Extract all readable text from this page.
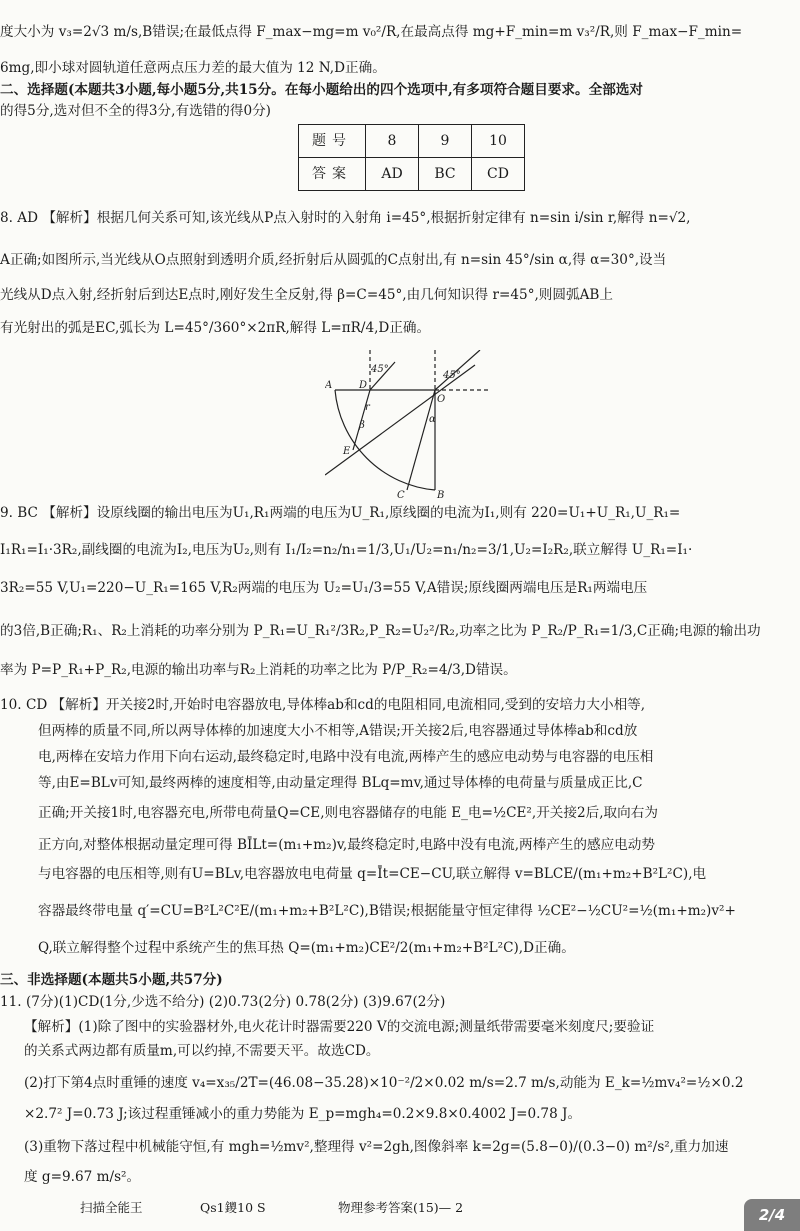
度大小为 v₃=2√3 m/s,B错误;在最低点得 F_max−mg=m v₀²/R,在最高点得 mg+F_min=m v₃²/R,则 F_max−F_min=
6mg,即小球对圆轨道任意两点压力差的最大值为 12 N,D正确。
二、选择题(本题共3小题,每小题5分,共15分。在每小题给出的四个选项中,有多项符合题目要求。全部选对
的得5分,选对但不全的得3分,有选错的得0分)
8. AD 【解析】根据几何关系可知,该光线从P点入射时的入射角 i=45°,根据折射定律有 n=sin i/sin r,解得 n=√2,
A正确;如图所示,当光线从O点照射到透明介质,经折射后从圆弧的C点射出,有 n=sin 45°/sin α,得 α=30°,设当
光线从D点入射,经折射后到达E点时,刚好发生全反射,得 β=C=45°,由几何知识得 r=45°,则圆弧AB上
有光射出的弧是EC,弧长为 L=45°/360°×2πR,解得 L=πR/4,D正确。
9. BC 【解析】设原线圈的输出电压为U₁,R₁两端的电压为U_R₁,原线圈的电流为I₁,则有 220=U₁+U_R₁,U_R₁=
I₁R₁=I₁·3R₂,副线圈的电流为I₂,电压为U₂,则有 I₁/I₂=n₂/n₁=1/3,U₁/U₂=n₁/n₂=3/1,U₂=I₂R₂,联立解得 U_R₁=I₁·
3R₂=55 V,U₁=220−U_R₁=165 V,R₂两端的电压为 U₂=U₁/3=55 V,A错误;原线圈两端电压是R₁两端电压
的3倍,B正确;R₁、R₂上消耗的功率分别为 P_R₁=U_R₁²/3R₂,P_R₂=U₂²/R₂,功率之比为 P_R₂/P_R₁=1/3,C正确;电源的输出功
率为 P=P_R₁+P_R₂,电源的输出功率与R₂上消耗的功率之比为 P/P_R₂=4/3,D错误。
10. CD 【解析】开关接2时,开始时电容器放电,导体棒ab和cd的电阻相同,电流相同,受到的安培力大小相等,
但两棒的质量不同,所以两导体棒的加速度大小不相等,A错误;开关接2后,电容器通过导体棒ab和cd放
电,两棒在安培力作用下向右运动,最终稳定时,电路中没有电流,两棒产生的感应电动势与电容器的电压相
等,由E=BLv可知,最终两棒的速度相等,由动量定理得 BLq=mv,通过导体棒的电荷量与质量成正比,C
正确;开关接1时,电容器充电,所带电荷量Q=CE,则电容器储存的电能 E_电=½CE²,开关接2后,取向右为
正方向,对整体根据动量定理可得 BĪLt=(m₁+m₂)v,最终稳定时,电路中没有电流,两棒产生的感应电动势
与电容器的电压相等,则有U=BLv,电容器放电电荷量 q=Īt=CE−CU,联立解得 v=BLCE/(m₁+m₂+B²L²C),电
容器最终带电量 q′=CU=B²L²C²E/(m₁+m₂+B²L²C),B错误;根据能量守恒定律得 ½CE²−½CU²=½(m₁+m₂)v²+
Q,联立解得整个过程中系统产生的焦耳热 Q=(m₁+m₂)CE²/2(m₁+m₂+B²L²C),D正确。
三、非选择题(本题共5小题,共57分)
11. (7分)(1)CD(1分,少选不给分) (2)0.73(2分) 0.78(2分) (3)9.67(2分)
【解析】(1)除了图中的实验器材外,电火花计时器需要220 V的交流电源;测量纸带需要毫米刻度尺;要验证
的关系式两边都有质量m,可以约掉,不需要天平。故选CD。
(2)打下第4点时重锤的速度 v₄=x₃₅/2T=(46.08−35.28)×10⁻²/2×0.02 m/s=2.7 m/s,动能为 E_k=½mv₄²=½×0.2
×2.7² J=0.73 J;该过程重锤减小的重力势能为 E_p=mgh₄=0.2×9.8×0.4002 J=0.78 J。
(3)重物下落过程中机械能守恒,有 mgh=½mv²,整理得 v²=2gh,图像斜率 k=2g=(5.8−0)/(0.3−0) m²/s²,重力加速
度 g=9.67 m/s²。
题号	8	9	10
答案	AD	BC	CD
A	D
O
E
C	B
α
β
r
45°
45°
扫描全能王	Qs1鑁10 S	物理参考答案(15)— 2	2/4
